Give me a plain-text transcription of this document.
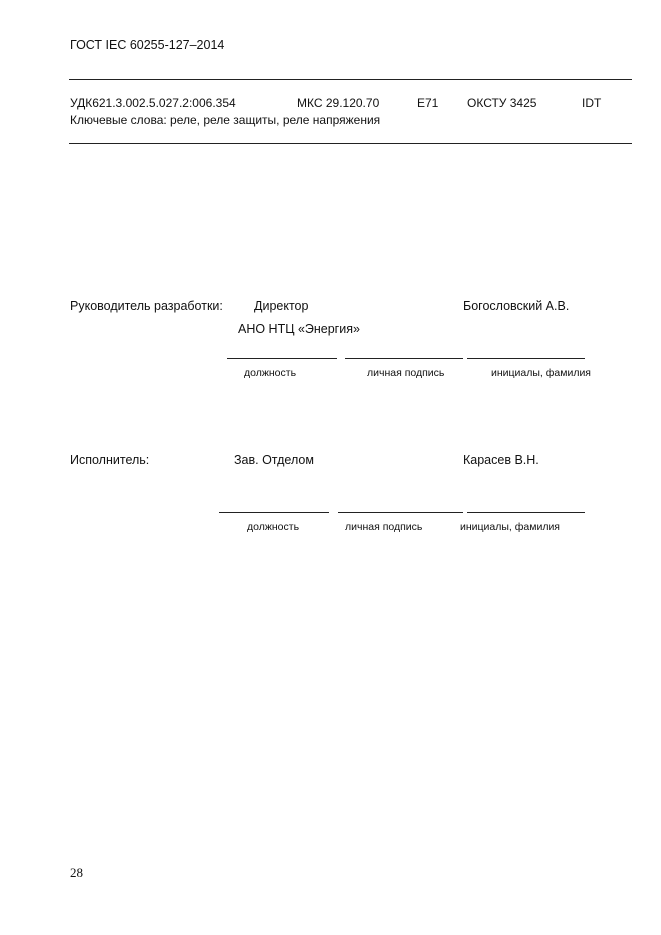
ГОСТ IEC 60255-127–2014
УДК621.3.002.5.027.2:006.354	МКС 29.120.70	Е71 ОКСТУ 3425	IDT
Ключевые слова: реле, реле защиты, реле напряжения
Руководитель разработки: Директор	Богословский А.В.
АНО НТЦ «Энергия»
должность	личная подпись	инициалы, фамилия
Исполнитель:	Зав. Отделом	Карасев В.Н.
должность	личная подпись	инициалы, фамилия
28
